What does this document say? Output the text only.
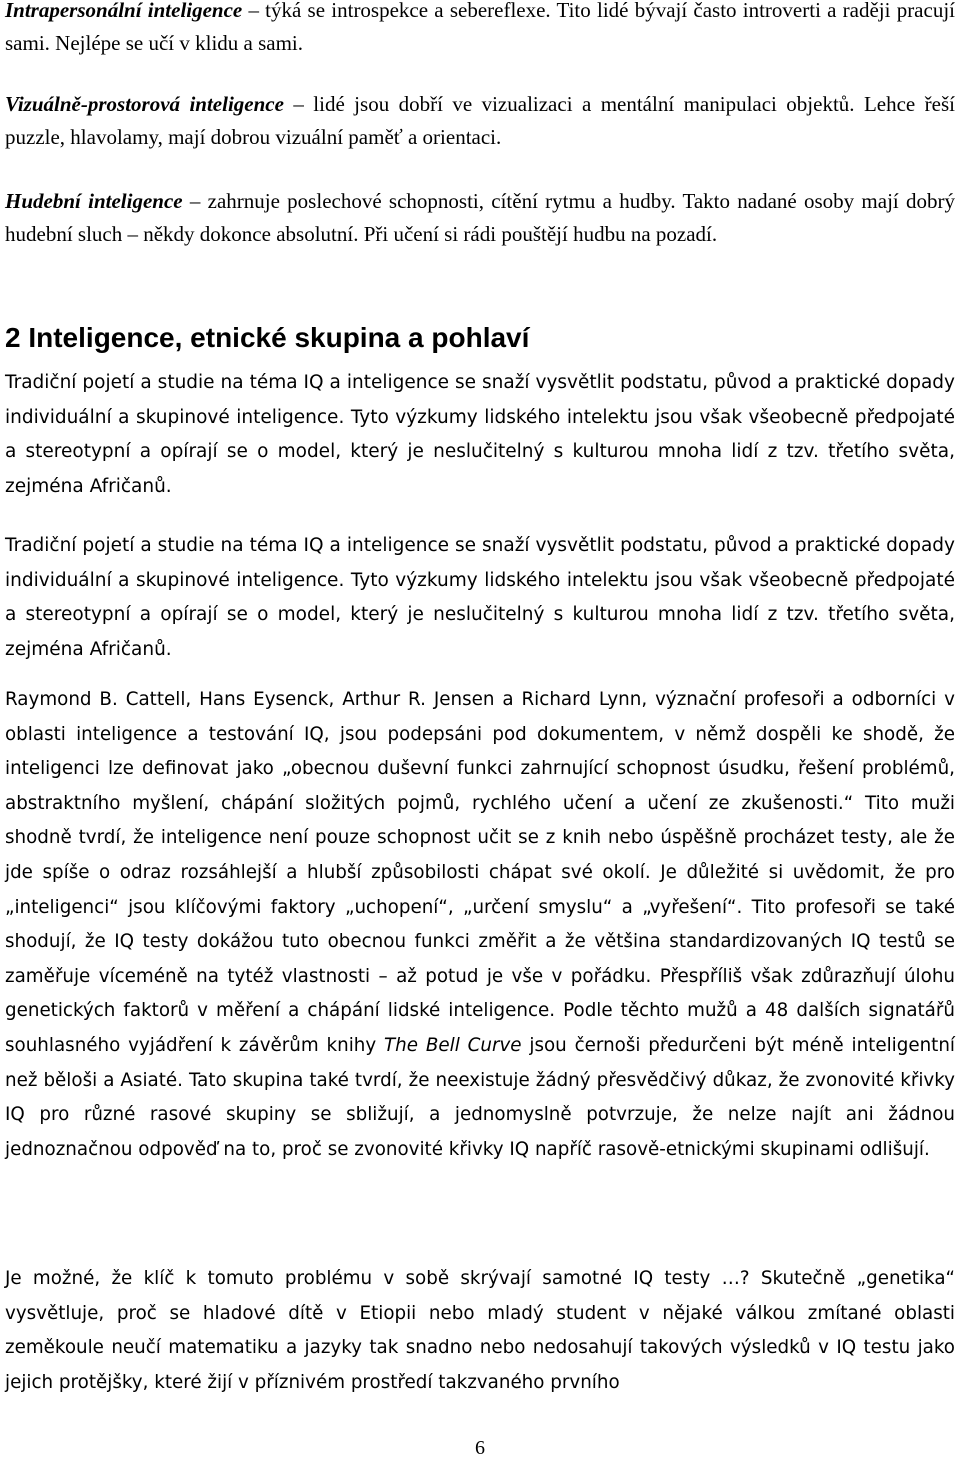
Intrapersonální inteligence – týká se introspekce a sebereflexe. Tito lidé bývají často introverti a raději pracují sami. Nejlépe se učí v klidu a sami.

Vizuálně-prostorová inteligence – lidé jsou dobří ve vizualizaci a mentální manipulaci objektů. Lehce řeší puzzle, hlavolamy, mají dobrou vizuální paměť a orientaci.

Hudební inteligence – zahrnuje poslechové schopnosti, cítění rytmu a hudby. Takto nadané osoby mají dobrý hudební sluch – někdy dokonce absolutní. Při učení si rádi pouštějí hudbu na pozadí.

2 Inteligence, etnické skupina a pohlaví

Tradiční pojetí a studie na téma IQ a inteligence se snaží vysvětlit podstatu, původ a praktické dopady individuální a skupinové inteligence. Tyto výzkumy lidského intelektu jsou však všeobecně předpojaté a stereotypní a opírají se o model, který je neslučitelný s kulturou mnoha lidí z tzv. třetího světa, zejména Afričanů.

Tradiční pojetí a studie na téma IQ a inteligence se snaží vysvětlit podstatu, původ a praktické dopady individuální a skupinové inteligence. Tyto výzkumy lidského intelektu jsou však všeobecně předpojaté a stereotypní a opírají se o model, který je neslučitelný s kulturou mnoha lidí z tzv. třetího světa, zejména Afričanů.

Raymond B. Cattell, Hans Eysenck, Arthur R. Jensen a Richard Lynn, význační profesoři a odborníci v oblasti inteligence a testování IQ, jsou podepsáni pod dokumentem, v němž dospěli ke shodě, že inteligenci lze definovat jako „obecnou duševní funkci zahrnující schopnost úsudku, řešení problémů, abstraktního myšlení, chápání složitých pojmů, rychlého učení a učení ze zkušenosti.“ Tito muži shodně tvrdí, že inteligence není pouze schopnost učit se z knih nebo úspěšně procházet testy, ale že jde spíše o odraz rozsáhlejší a hlubší způsobilosti chápat své okolí. Je důležité si uvědomit, že pro „inteligenci“ jsou klíčovými faktory „uchopení“, „určení smyslu“ a „vyřešení“. Tito profesoři se také shodují, že IQ testy dokážou tuto obecnou funkci změřit a že většina standardizovaných IQ testů se zaměřuje víceméně na tytéž vlastnosti – až potud je vše v pořádku. Přespříliš však zdůrazňují úlohu genetických faktorů v měření a chápání lidské inteligence. Podle těchto mužů a 48 dalších signatářů souhlasného vyjádření k závěrům knihy The Bell Curve jsou černoši předurčeni být méně inteligentní než běloši a Asiaté. Tato skupina také tvrdí, že neexistuje žádný přesvědčivý důkaz, že zvonovité křivky IQ pro různé rasové skupiny se sbližují, a jednomyslně potvrzuje, že nelze najít ani žádnou jednoznačnou odpověď na to, proč se zvonovité křivky IQ napříč rasově-etnickými skupinami odlišují.

Je možné, že klíč k tomuto problému v sobě skrývají samotné IQ testy …? Skutečně „genetika“ vysvětluje, proč se hladové dítě v Etiopii nebo mladý student v nějaké válkou zmítané oblasti zeměkoule neučí matematiku a jazyky tak snadno nebo nedosahují takových výsledků v IQ testu jako jejich protějšky, které žijí v příznivém prostředí takzvaného prvního

6
